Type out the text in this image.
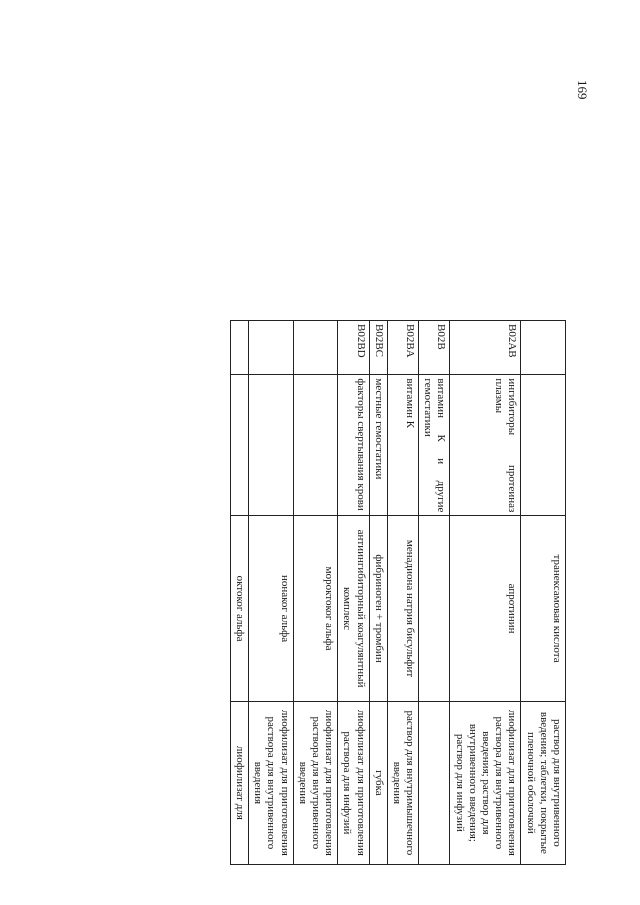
169
		транексамовая кислота	раствор для внутривенного введения; таблетки, покрытые пленочной оболочкой
B02AB	ингибиторы протеиназ плазмы	апротинин	лиофилизат для приготовления раствора для внутривенного введения; раствор для внутривенного введения; раствор для инфузий
B02B	витамин К и другие гемостатики		
B02BA	витамин К	менадиона натрия бисульфит	раствор для внутримышечного введения
B02BC	местные гемостатики	фибриноген + тромбин	губка
B02BD	факторы свертывания крови	антиингибиторный коагулянтный комплекс	лиофилизат для приготовления раствора для инфузий
		мороктоког альфа	лиофилизат для приготовления раствора для внутривенного введения
		нонаког альфа	лиофилизат для приготовления раствора для внутривенного введения
		октоког альфа	лиофилизат для
